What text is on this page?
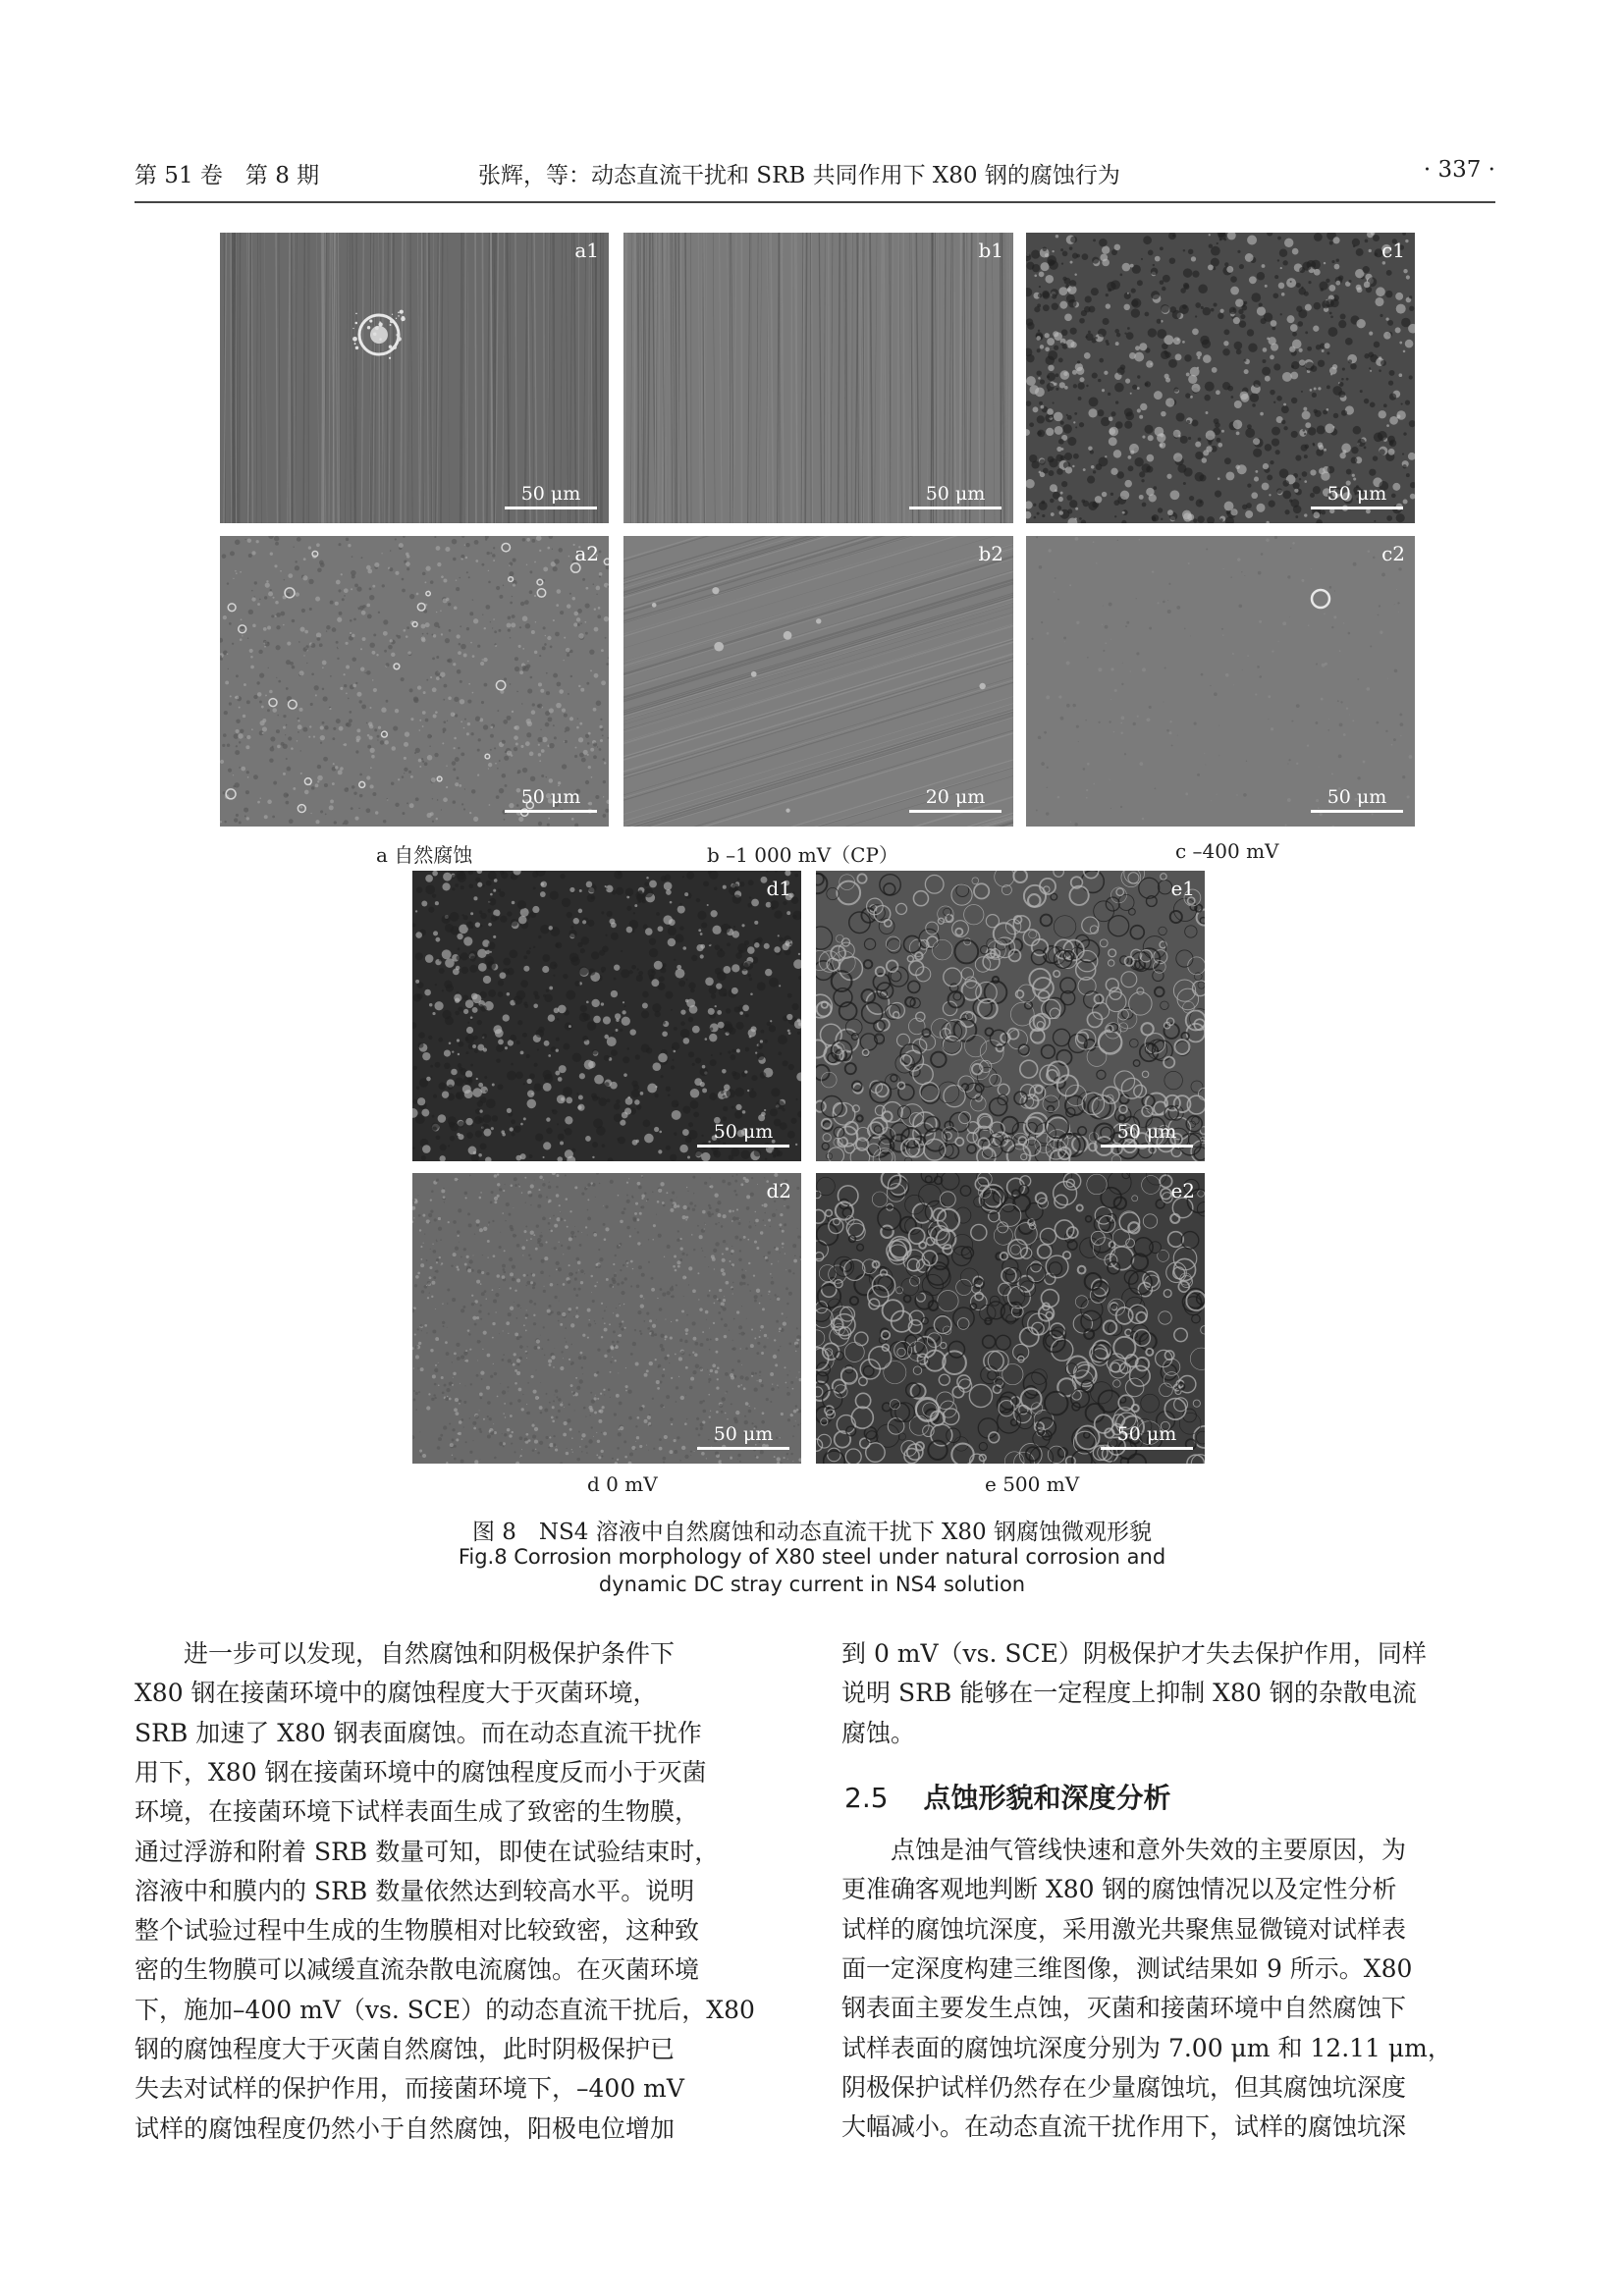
第 51 卷　第 8 期	张辉，等：动态直流干扰和 SRB 共同作用下 X80 钢的腐蚀行为	· 337 ·
a1
50 μm
b1
50 μm
c1
50 μm
a2
50 μm
b2
20 μm
c2
50 μm
d1
50 μm
e1
50 μm
d2
50 μm
e2
50 μm
a 自然腐蚀	b –1 000 mV（CP）	c –400 mV
d 0 mV	e 500 mV
图 8　NS4 溶液中自然腐蚀和动态直流干扰下 X80 钢腐蚀微观形貌
Fig.8 Corrosion morphology of X80 steel under natural corrosion and
dynamic DC stray current in NS4 solution
　　进一步可以发现，自然腐蚀和阴极保护条件下
X80 钢在接菌环境中的腐蚀程度大于灭菌环境，
SRB 加速了 X80 钢表面腐蚀。而在动态直流干扰作
用下，X80 钢在接菌环境中的腐蚀程度反而小于灭菌
环境，在接菌环境下试样表面生成了致密的生物膜，
通过浮游和附着 SRB 数量可知，即使在试验结束时，
溶液中和膜内的 SRB 数量依然达到较高水平。说明
整个试验过程中生成的生物膜相对比较致密，这种致
密的生物膜可以减缓直流杂散电流腐蚀。在灭菌环境
下，施加–400 mV（vs. SCE）的动态直流干扰后，X80
钢的腐蚀程度大于灭菌自然腐蚀，此时阴极保护已
失去对试样的保护作用，而接菌环境下，–400 mV
试样的腐蚀程度仍然小于自然腐蚀，阳极电位增加
到 0 mV（vs. SCE）阴极保护才失去保护作用，同样
说明 SRB 能够在一定程度上抑制 X80 钢的杂散电流
腐蚀。
2.5 点蚀形貌和深度分析
　　点蚀是油气管线快速和意外失效的主要原因，为
更准确客观地判断 X80 钢的腐蚀情况以及定性分析
试样的腐蚀坑深度，采用激光共聚焦显微镜对试样表
面一定深度构建三维图像，测试结果如 9 所示。X80
钢表面主要发生点蚀，灭菌和接菌环境中自然腐蚀下
试样表面的腐蚀坑深度分别为 7.00 μm 和 12.11 μm，
阴极保护试样仍然存在少量腐蚀坑，但其腐蚀坑深度
大幅减小。在动态直流干扰作用下，试样的腐蚀坑深
